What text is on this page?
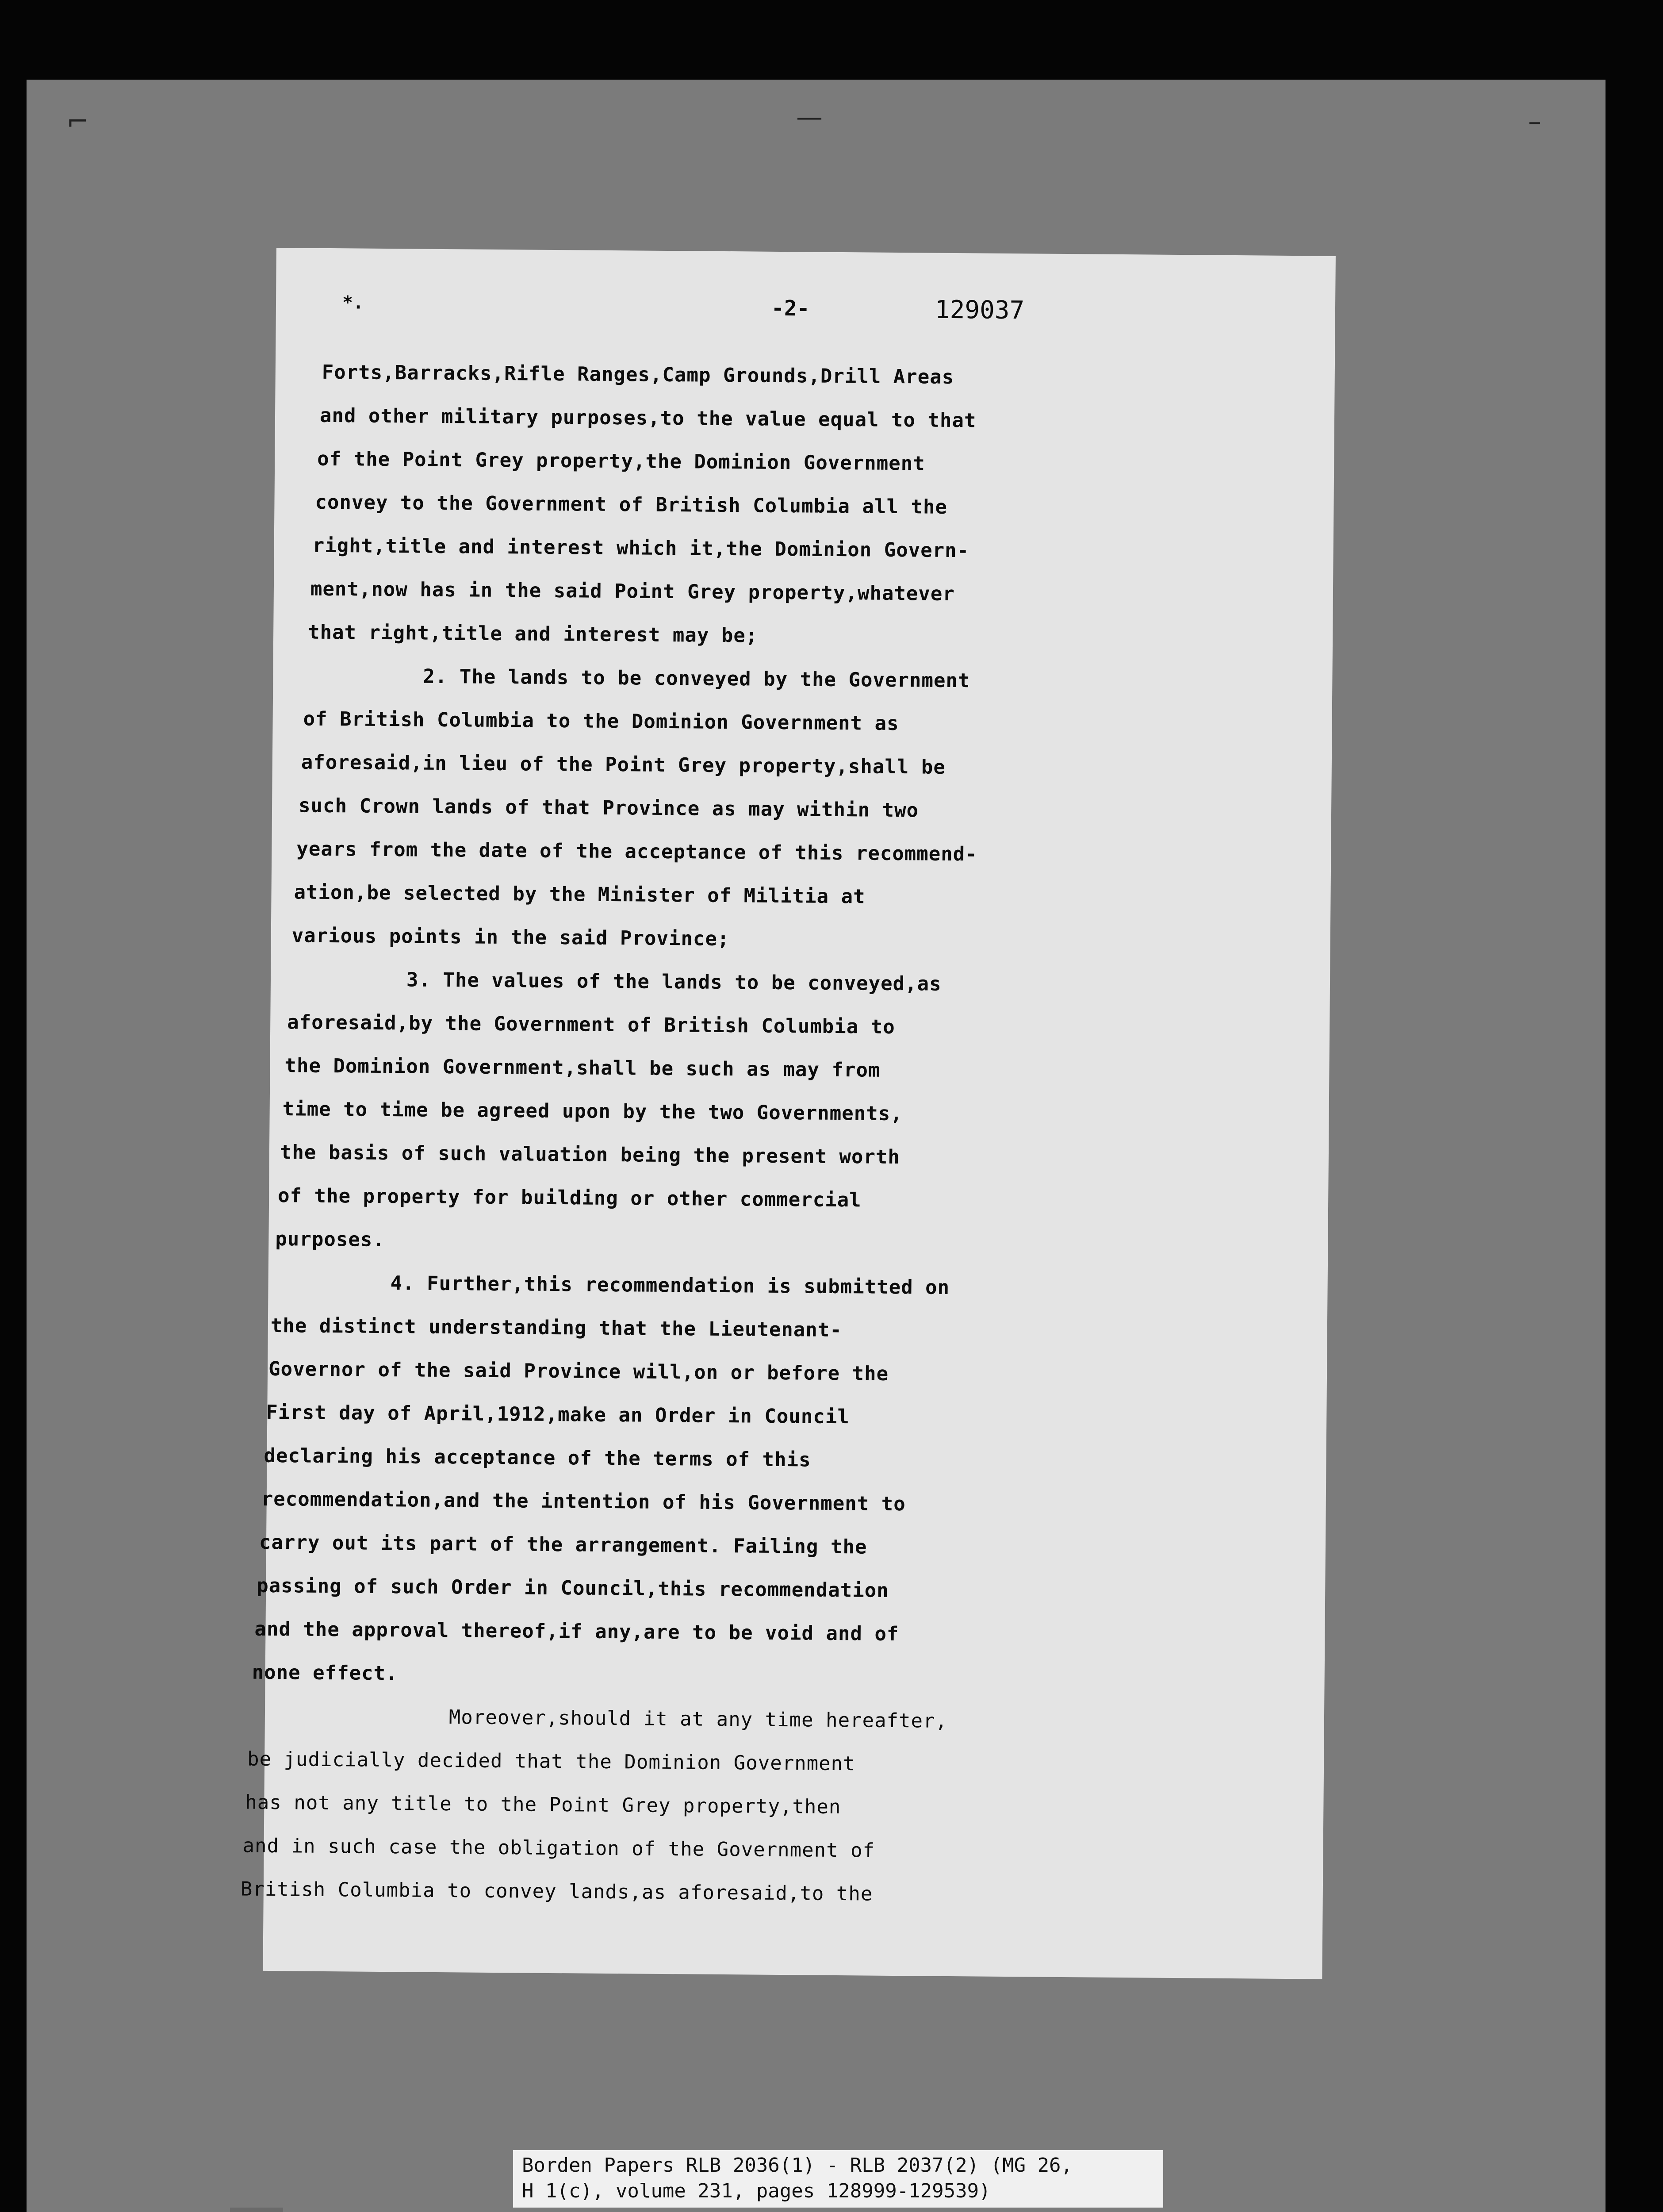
⌐	–
—
*.	-2-	129037
Forts,Barracks,Rifle Ranges,Camp Grounds,Drill Areas
and other military purposes,to the value equal to that
of the Point Grey property,the Dominion Government
convey to the Government of British Columbia all the
right,title and interest which it,the Dominion Govern-
ment,now has in the said Point Grey property,whatever
that right,title and interest may be;
2. The lands to be conveyed by the Government
of British Columbia to the Dominion Government as
aforesaid,in lieu of the Point Grey property,shall be
such Crown lands of that Province as may within two
years from the date of the acceptance of this recommend-
ation,be selected by the Minister of Militia at
various points in the said Province;
3. The values of the lands to be conveyed,as
aforesaid,by the Government of British Columbia to
the Dominion Government,shall be such as may from
time to time be agreed upon by the two Governments,
the basis of such valuation being the present worth
of the property for building or other commercial
purposes.
4. Further,this recommendation is submitted on
the distinct understanding that the Lieutenant-
Governor of the said Province will,on or before the
First day of April,1912,make an Order in Council
declaring his acceptance of the terms of this
recommendation,and the intention of his Government to
carry out its part of the arrangement. Failing the
passing of such Order in Council,this recommendation
and the approval thereof,if any,are to be void and of
none effect.
Moreover,should it at any time hereafter,
be judicially decided that the Dominion Government
has not any title to the Point Grey property,then
and in such case the obligation of the Government of
British Columbia to convey lands,as aforesaid,to the
Borden Papers RLB 2036(1) - RLB 2037(2) (MG 26,
H 1(c), volume 231, pages 128999-129539)
